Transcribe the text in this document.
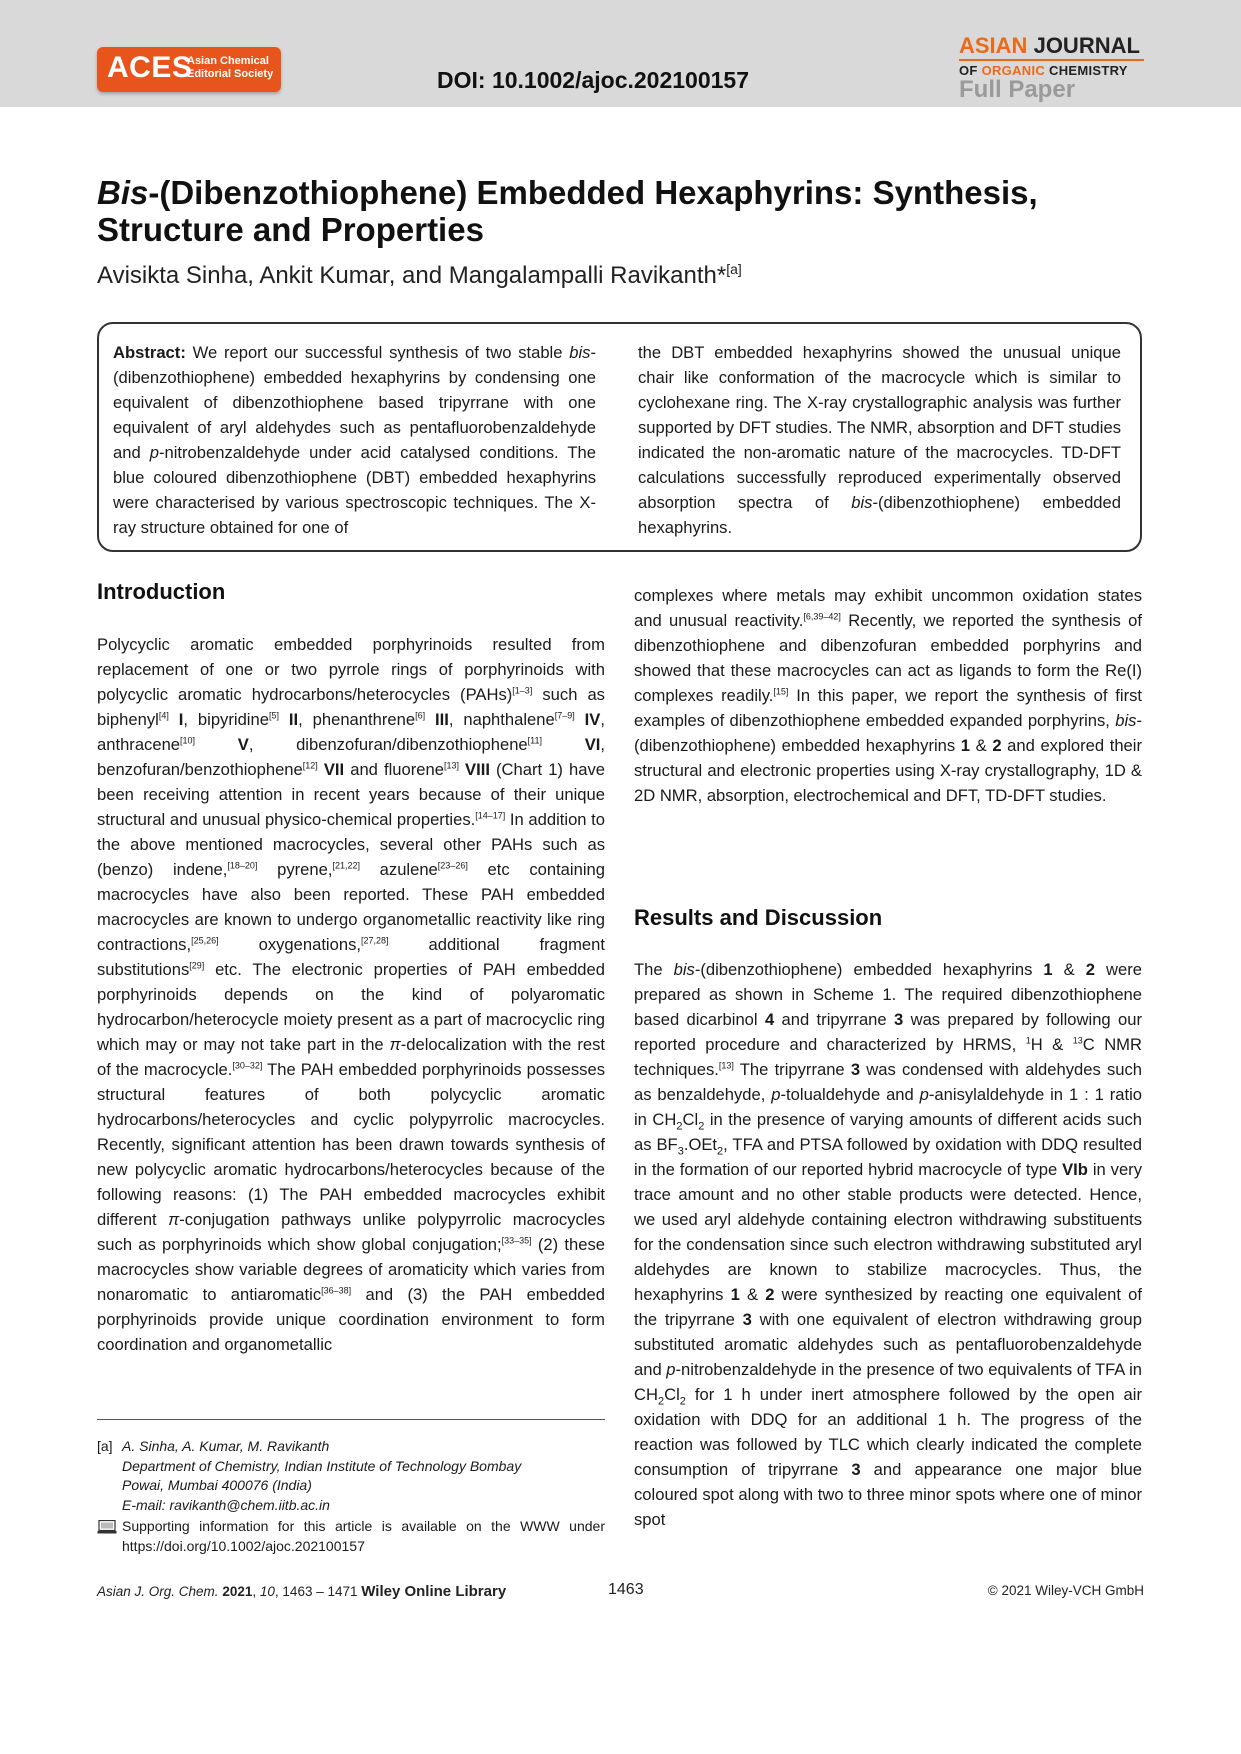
ACES
Asian Chemical
Editorial Society	DOI: 10.1002/ajoc.202100157
ASIAN JOURNAL
OF ORGANIC CHEMISTRY
Full Paper
Bis-(Dibenzothiophene) Embedded Hexaphyrins: Synthesis, Structure and Properties
Avisikta Sinha, Ankit Kumar, and Mangalampalli Ravikanth*[a]
Abstract: We report our successful synthesis of two stable bis-(dibenzothiophene) embedded hexaphyrins by condensing one equivalent of dibenzothiophene based tripyrrane with one equivalent of aryl aldehydes such as pentafluorobenzaldehyde and p-nitrobenzaldehyde under acid catalysed conditions. The blue coloured dibenzothiophene (DBT) embedded hexaphyrins were characterised by various spectroscopic techniques. The X-ray structure obtained for one of
the DBT embedded hexaphyrins showed the unusual unique chair like conformation of the macrocycle which is similar to cyclohexane ring. The X-ray crystallographic analysis was further supported by DFT studies. The NMR, absorption and DFT studies indicated the non-aromatic nature of the macrocycles. TD-DFT calculations successfully reproduced experimentally observed absorption spectra of bis-(dibenzothiophene) embedded hexaphyrins.
Introduction

Polycyclic aromatic embedded porphyrinoids resulted from replacement of one or two pyrrole rings of porphyrinoids with polycyclic aromatic hydrocarbons/heterocycles (PAHs)[1–3] such as biphenyl[4] I, bipyridine[5] II, phenanthrene[6] III, naphthalene[7–9] IV, anthracene[10]	V, dibenzofuran/dibenzothiophene[11]	VI, benzofuran/benzothiophene[12] VII and fluorene[13] VIII (Chart 1) have been receiving attention in recent years because of their unique structural and unusual physico-chemical properties.[14–17] In addition to the above mentioned macrocycles, several other PAHs such as (benzo) indene,[18–20] pyrene,[21,22] azulene[23–26] etc containing macrocycles have also been reported. These PAH embedded macrocycles are known to undergo organometallic reactivity like ring contractions,[25,26] oxygenations,[27,28] additional fragment substitutions[29] etc. The electronic properties of PAH embedded porphyrinoids depends on the kind of polyaromatic hydrocarbon/heterocycle moiety present as a part of macrocyclic ring which may or may not take part in the π-delocalization with the rest of the macrocycle.[30–32] The PAH embedded porphyrinoids possesses structural features of both polycyclic aromatic hydrocarbons/heterocycles and cyclic polypyrrolic macrocycles. Recently, significant attention has been drawn towards synthesis of new polycyclic aromatic hydrocarbons/heterocycles because of the following reasons: (1) The PAH embedded macrocycles exhibit different π-conjugation pathways unlike polypyrrolic macrocycles such as porphyrinoids which show global conjugation;[33–35] (2) these macrocycles show variable degrees of aromaticity which varies from nonaromatic to antiaromatic[36–38] and (3) the PAH embedded porphyrinoids provide unique coordination environment to form coordination and organometallic

[a] A. Sinha, A. Kumar, M. Ravikanth
Department of Chemistry, Indian Institute of Technology Bombay
Powai, Mumbai 400076 (India)
E-mail: ravikanth@chem.iitb.ac.in
Supporting information for this article is available on the WWW under https://doi.org/10.1002/ajoc.202100157

complexes where metals may exhibit uncommon oxidation states and unusual reactivity.[6,39–42] Recently, we reported the synthesis of dibenzothiophene and dibenzofuran embedded porphyrins and showed that these macrocycles can act as ligands to form the Re(I) complexes readily.[15] In this paper, we report the synthesis of first examples of dibenzothiophene embedded expanded porphyrins, bis-(dibenzothiophene) embedded hexaphyrins 1 & 2 and explored their structural and electronic properties using X-ray crystallography, 1D & 2D NMR, absorption, electrochemical and DFT, TD-DFT studies.

Results and Discussion

The bis-(dibenzothiophene) embedded hexaphyrins 1 & 2 were prepared as shown in Scheme 1. The required dibenzothiophene based dicarbinol 4 and tripyrrane 3 was prepared by following our reported procedure and characterized by HRMS, $^1$H & $^{13}$C NMR techniques.[13] The tripyrrane 3 was condensed with aldehydes such as benzaldehyde, p-tolualdehyde and p-anisylaldehyde in 1 : 1 ratio in $CH_2Cl_2$ in the presence of varying amounts of different acids such as $BF_3.OEt_2$, TFA and PTSA followed by oxidation with DDQ resulted in the formation of our reported hybrid macrocycle of type VIb in very trace amount and no other stable products were detected. Hence, we used aryl aldehyde containing electron withdrawing substituents for the condensation since such electron withdrawing substituted aryl aldehydes are known to stabilize macrocycles. Thus, the hexaphyrins 1 & 2 were synthesized by reacting one equivalent of the tripyrrane 3 with one equivalent of electron withdrawing group substituted aromatic aldehydes such as pentafluorobenzaldehyde and p-nitrobenzaldehyde in the presence of two equivalents of TFA in $CH_2Cl_2$ for 1 h under inert atmosphere followed by the open air oxidation with DDQ for an additional 1 h. The progress of the reaction was followed by TLC which clearly indicated the complete consumption of tripyrrane 3 and appearance one major blue coloured spot along with two to three minor spots where one of minor spot

Asian J. Org. Chem. 2021, 10, 1463 – 1471 Wiley Online Library	1463	© 2021 Wiley-VCH GmbH
